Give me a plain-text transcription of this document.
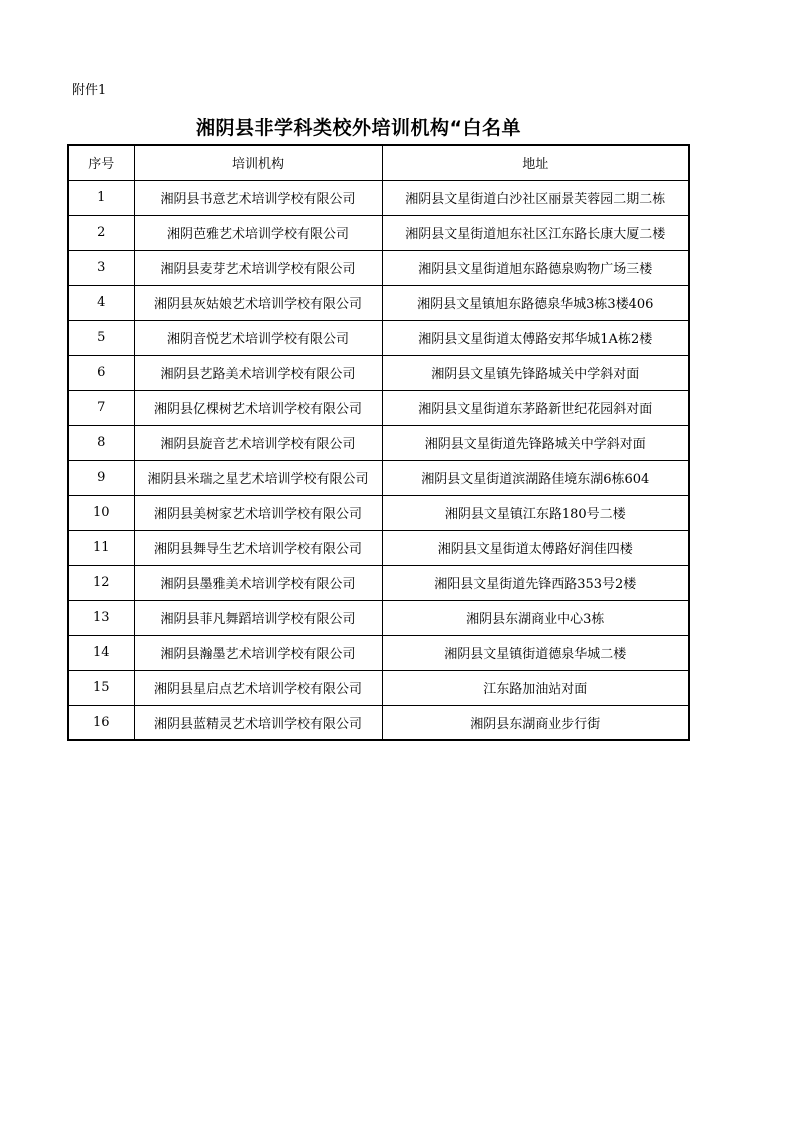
附件1
湘阴县非学科类校外培训机构“白名单
序号	培训机构	地址
1	湘阴县书意艺术培训学校有限公司	湘阴县文星街道白沙社区丽景芙蓉园二期二栋
2	湘阴芭雅艺术培训学校有限公司	湘阴县文星街道旭东社区江东路长康大厦二楼
3	湘阴县麦芽艺术培训学校有限公司	湘阴县文星街道旭东路德泉购物广场三楼
4	湘阴县灰姑娘艺术培训学校有限公司	湘阴县文星镇旭东路德泉华城3栋3楼406
5	湘阴音悦艺术培训学校有限公司	湘阴县文星街道太傅路安邦华城1A栋2楼
6	湘阴县艺路美术培训学校有限公司	湘阴县文星镇先锋路城关中学斜对面
7	湘阴县亿棵树艺术培训学校有限公司	湘阴县文星街道东茅路新世纪花园斜对面
8	湘阴县旋音艺术培训学校有限公司	湘阴县文星街道先锋路城关中学斜对面
9	湘阴县米瑞之星艺术培训学校有限公司	湘阴县文星街道滨湖路佳境东湖6栋604
10	湘阴县美树家艺术培训学校有限公司	湘阴县文星镇江东路180号二楼
11	湘阴县舞导生艺术培训学校有限公司	湘阴县文星街道太傅路好润佳四楼
12	湘阴县墨雅美术培训学校有限公司	湘阳县文星街道先锋西路353号2楼
13	湘阴县菲凡舞蹈培训学校有限公司	湘阴县东湖商业中心3栋
14	湘阴县瀚墨艺术培训学校有限公司	湘阴县文星镇街道德泉华城二楼
15	湘阴县星启点艺术培训学校有限公司	江东路加油站对面
16	湘阴县蓝精灵艺术培训学校有限公司	湘阴县东湖商业步行街
